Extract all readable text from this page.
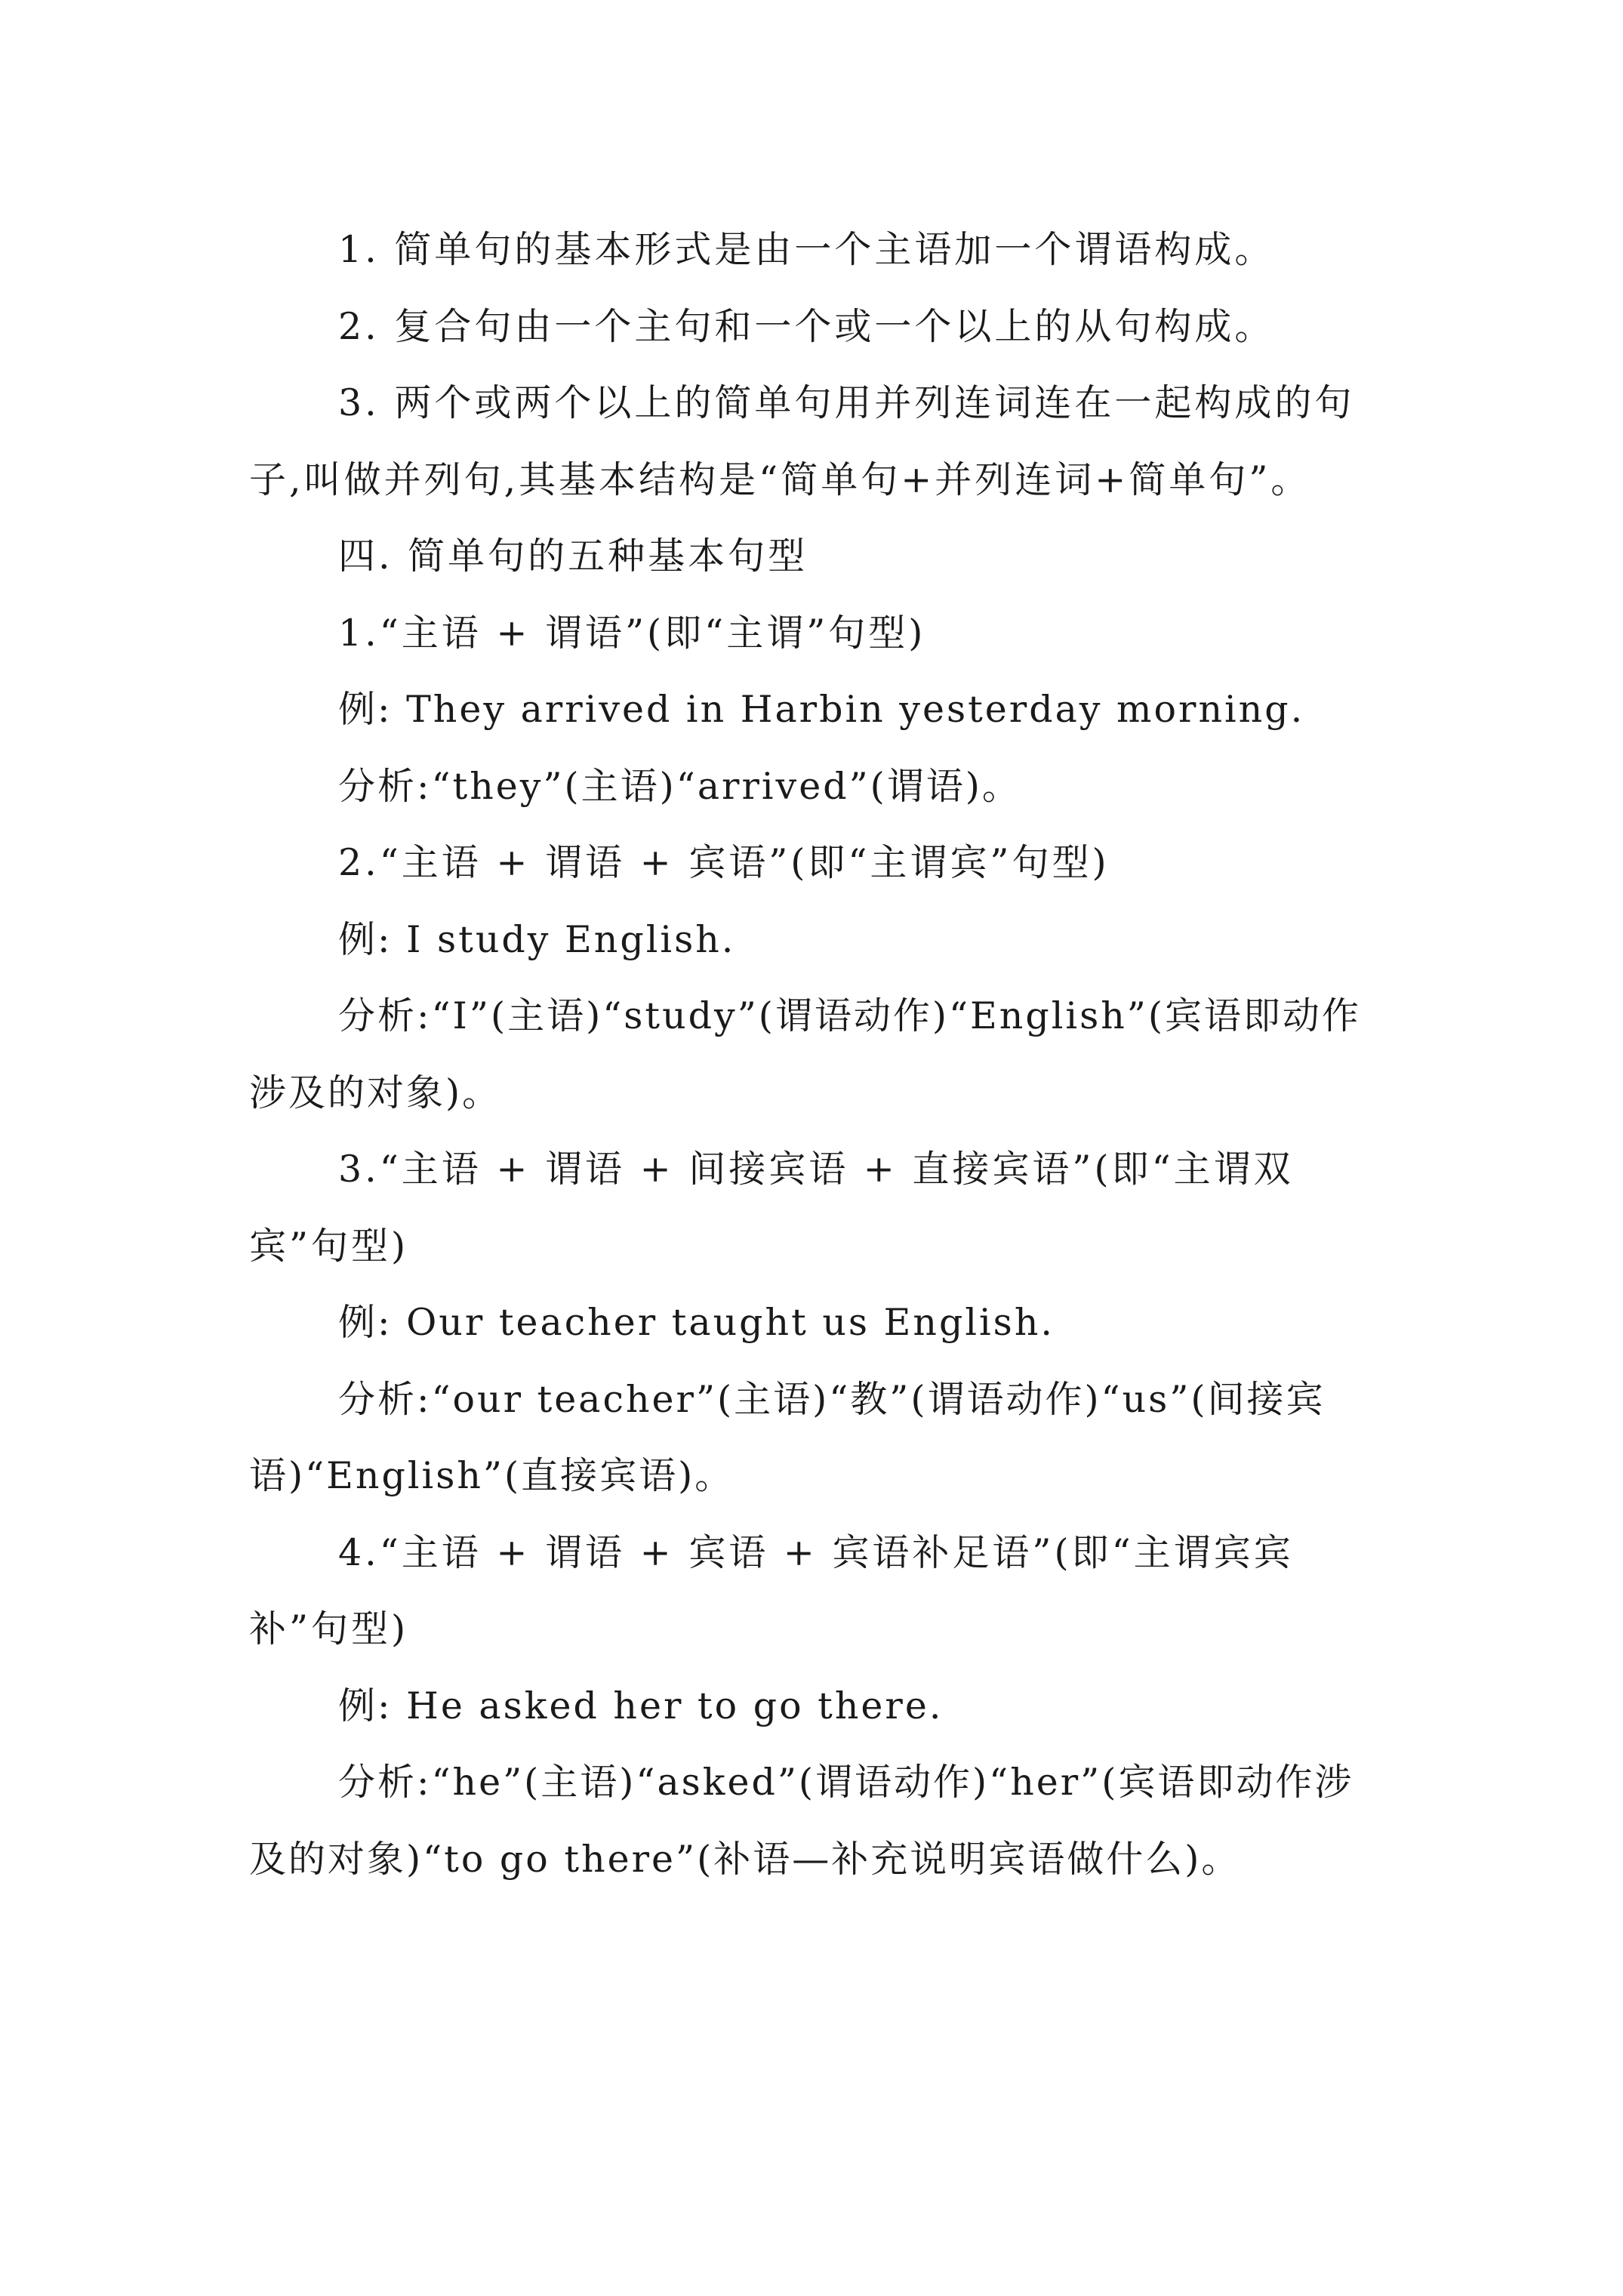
1. 简单句的基本形式是由一个主语加一个谓语构成。

2. 复合句由一个主句和一个或一个以上的从句构成。

3. 两个或两个以上的简单句用并列连词连在一起构成的句子,叫做并列句,其基本结构是“简单句+并列连词+简单句”。

四. 简单句的五种基本句型

1.“主语 + 谓语”(即“主谓”句型)

例: They arrived in Harbin yesterday morning.

分析:“they”(主语)“arrived”(谓语)。

2.“主语 + 谓语 + 宾语”(即“主谓宾”句型)

例: I study English.

分析:“I”(主语)“study”(谓语动作)“English”(宾语即动作涉及的对象)。

3.“主语 + 谓语 + 间接宾语 + 直接宾语”(即“主谓双宾”句型)

例: Our teacher taught us English.

分析:“our teacher”(主语)“教”(谓语动作)“us”(间接宾语)“English”(直接宾语)。

4.“主语 + 谓语 + 宾语 + 宾语补足语”(即“主谓宾宾补”句型)

例: He asked her to go there.

分析:“he”(主语)“asked”(谓语动作)“her”(宾语即动作涉及的对象)“to go there”(补语—补充说明宾语做什么)。
